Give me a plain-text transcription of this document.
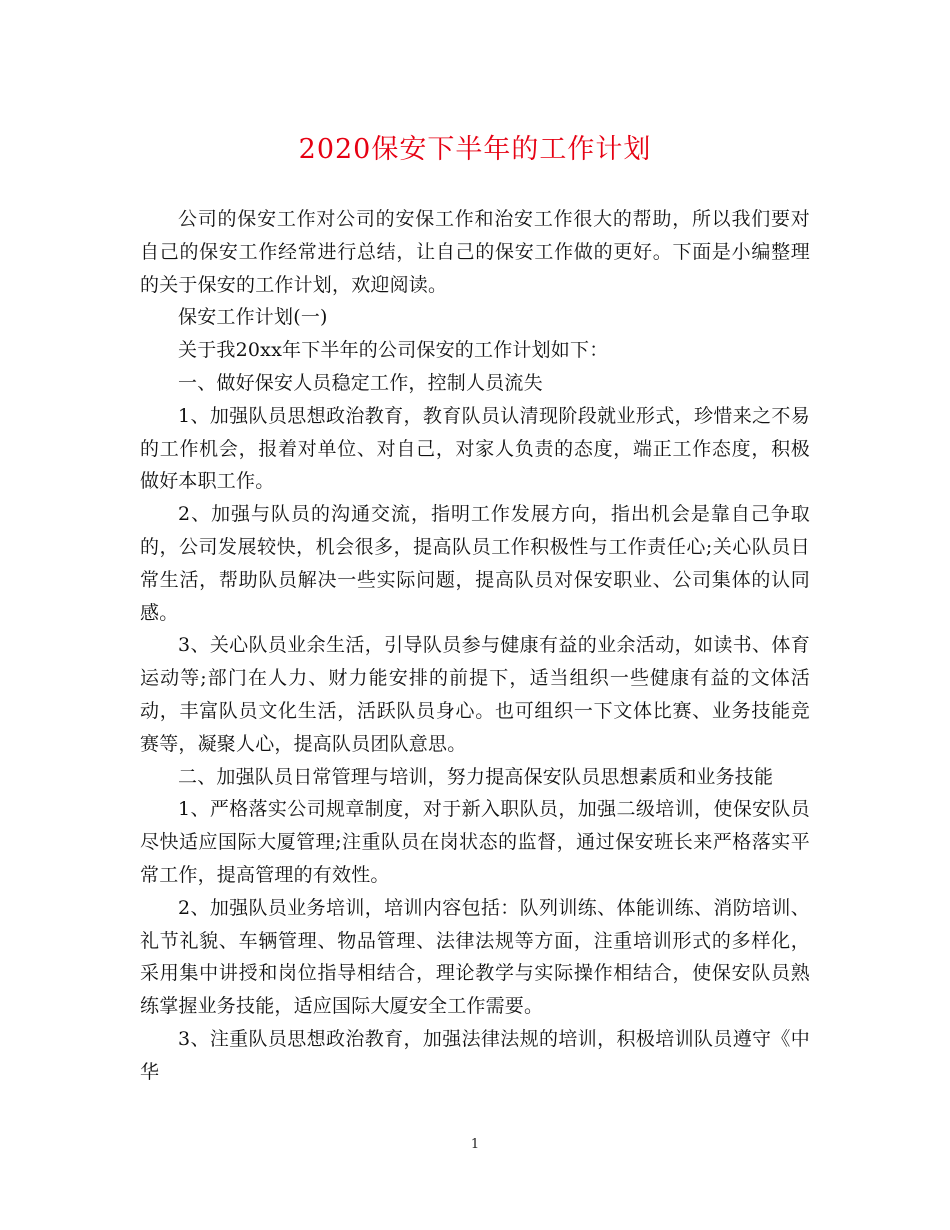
2020保安下半年的工作计划

公司的保安工作对公司的安保工作和治安工作很大的帮助，所以我们要对自己的保安工作经常进行总结，让自己的保安工作做的更好。下面是小编整理的关于保安的工作计划，欢迎阅读。

保安工作计划(一)

关于我20xx年下半年的公司保安的工作计划如下：

一、做好保安人员稳定工作，控制人员流失

1、加强队员思想政治教育，教育队员认清现阶段就业形式，珍惜来之不易的工作机会，报着对单位、对自己，对家人负责的态度，端正工作态度，积极做好本职工作。

2、加强与队员的沟通交流，指明工作发展方向，指出机会是靠自己争取的，公司发展较快，机会很多，提高队员工作积极性与工作责任心;关心队员日常生活，帮助队员解决一些实际问题，提高队员对保安职业、公司集体的认同感。

3、关心队员业余生活，引导队员参与健康有益的业余活动，如读书、体育运动等;部门在人力、财力能安排的前提下，适当组织一些健康有益的文体活动，丰富队员文化生活，活跃队员身心。也可组织一下文体比赛、业务技能竞赛等，凝聚人心，提高队员团队意思。

二、加强队员日常管理与培训，努力提高保安队员思想素质和业务技能

1、严格落实公司规章制度，对于新入职队员，加强二级培训，使保安队员尽快适应国际大厦管理;注重队员在岗状态的监督，通过保安班长来严格落实平常工作，提高管理的有效性。

2、加强队员业务培训，培训内容包括：队列训练、体能训练、消防培训、礼节礼貌、车辆管理、物品管理、法律法规等方面，注重培训形式的多样化，采用集中讲授和岗位指导相结合，理论教学与实际操作相结合，使保安队员熟练掌握业务技能，适应国际大厦安全工作需要。

3、注重队员思想政治教育，加强法律法规的培训，积极培训队员遵守《中华

1
